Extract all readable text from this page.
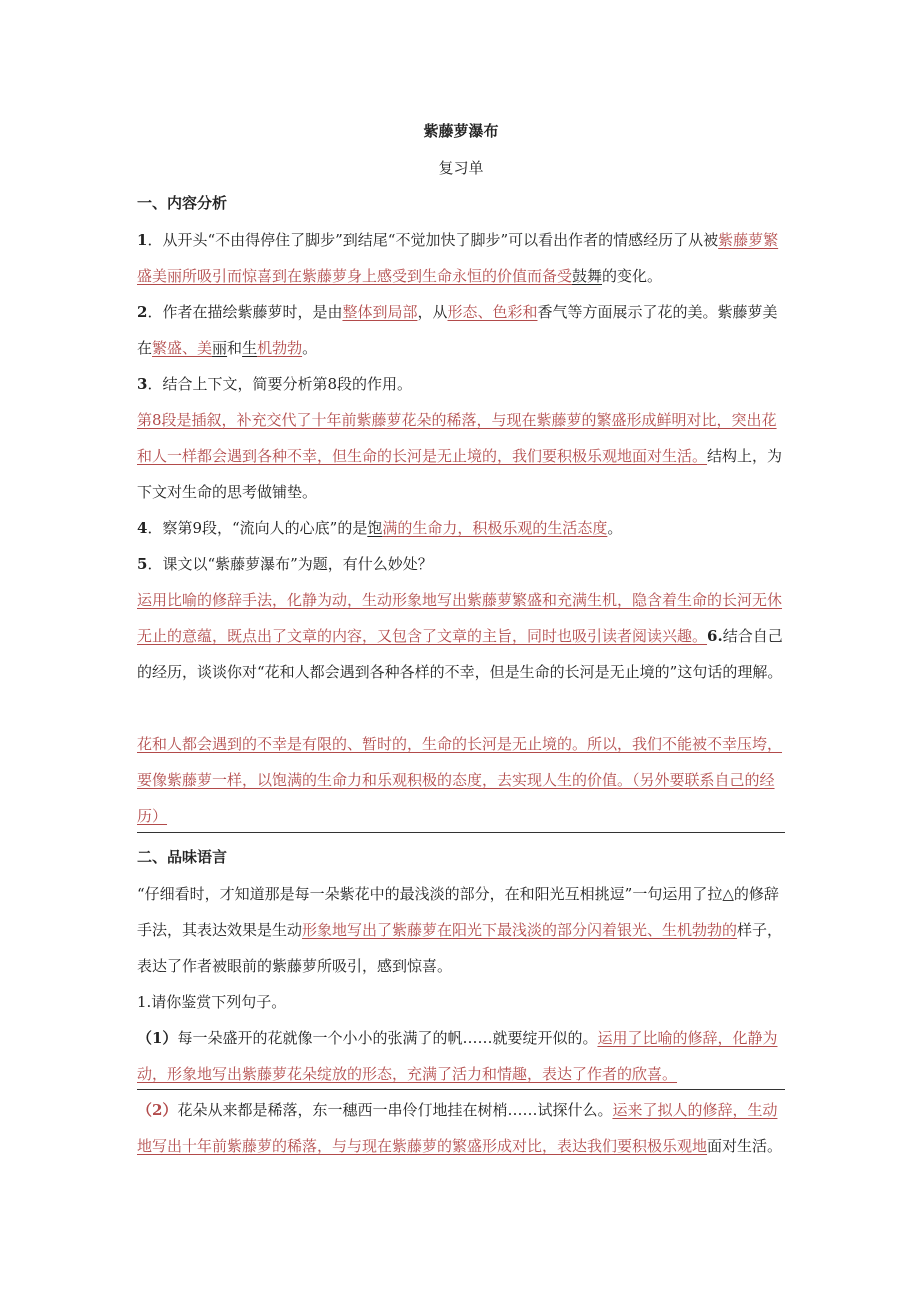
紫藤萝瀑布
复习单
一、内容分析
1．从开头“不由得停住了脚步”到结尾“不觉加快了脚步”可以看出作者的情感经历了从被紫藤萝繁盛美丽所吸引而惊喜到在紫藤萝身上感受到生命永恒的价值而备受鼓舞的变化。
2．作者在描绘紫藤萝时，是由整体到局部，从形态、色彩和香气等方面展示了花的美。紫藤萝美在繁盛、美丽和生机勃勃。
3．结合上下文，简要分析第8段的作用。
第8段是插叙，补充交代了十年前紫藤萝花朵的稀落，与现在紫藤萝的繁盛形成鲜明对比，突出花和人一样都会遇到各种不幸，但生命的长河是无止境的，我们要积极乐观地面对生活。结构上，为下文对生命的思考做铺垫。
4．察第9段，“流向人的心底”的是饱满的生命力，积极乐观的生活态度。
5．课文以“紫藤萝瀑布”为题，有什么妙处？
运用比喻的修辞手法，化静为动，生动形象地写出紫藤萝繁盛和充满生机，隐含着生命的长河无休无止的意蕴，既点出了文章的内容，又包含了文章的主旨，同时也吸引读者阅读兴趣。6.结合自己的经历，谈谈你对“花和人都会遇到各种各样的不幸，但是生命的长河是无止境的”这句话的理解。
花和人都会遇到的不幸是有限的、暂时的，生命的长河是无止境的。所以，我们不能被不幸压垮，要像紫藤萝一样，以饱满的生命力和乐观积极的态度，去实现人生的价值。（另外要联系自己的经历）
二、品味语言
“仔细看时，才知道那是每一朵紫花中的最浅淡的部分，在和阳光互相挑逗”一句运用了拉△的修辞手法，其表达效果是生动形象地写出了紫藤萝在阳光下最浅淡的部分闪着银光、生机勃勃的样子，表达了作者被眼前的紫藤萝所吸引，感到惊喜。
1.请你鉴赏下列句子。
（1）每一朵盛开的花就像一个小小的张满了的帆……就要绽开似的。运用了比喻的修辞，化静为动，形象地写出紫藤萝花朵绽放的形态，充满了活力和情趣，表达了作者的欣喜。
（2）花朵从来都是稀落，东一穗西一串伶仃地挂在树梢……试探什么。运来了拟人的修辞，生动地写出十年前紫藤萝的稀落，与与现在紫藤萝的繁盛形成对比，表达我们要积极乐观地面对生活。
